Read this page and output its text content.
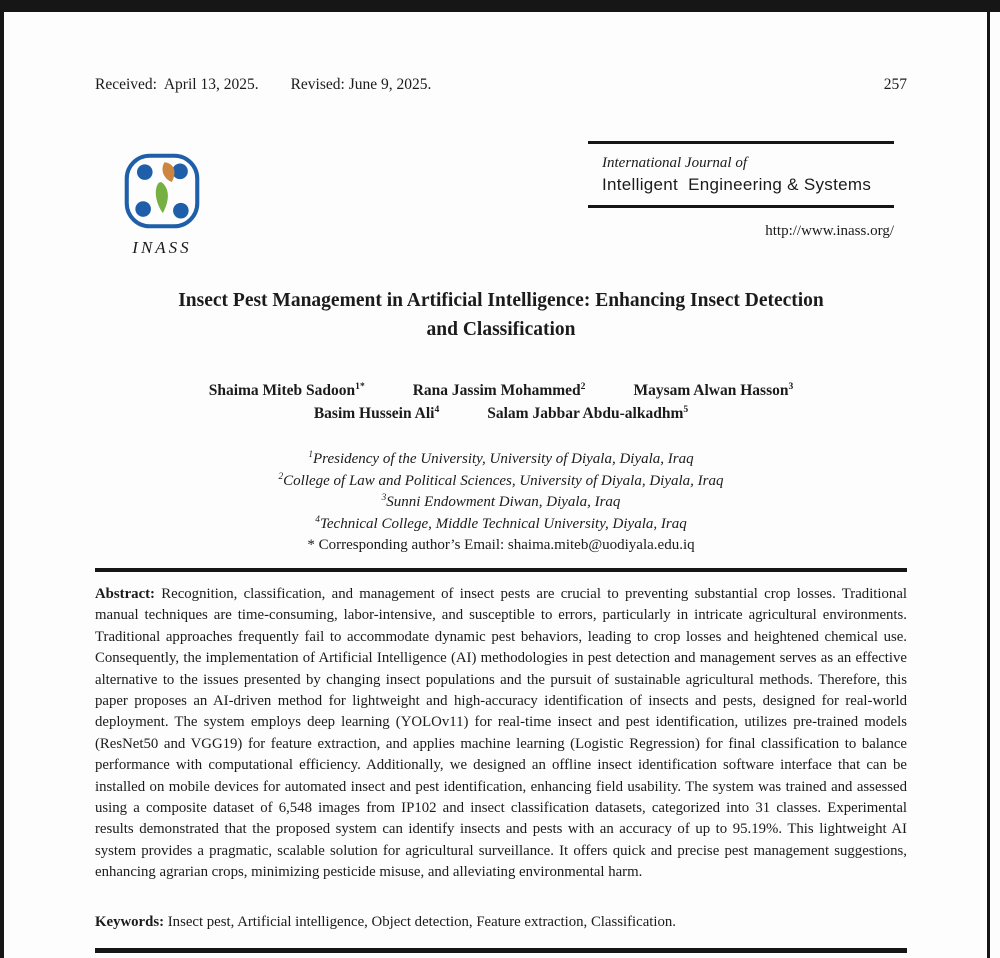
Received:  April 13, 2025. Revised: June 9, 2025.	257
INASS
International Journal of
Intelligent  Engineering & Systems
http://www.inass.org/
Insect Pest Management in Artificial Intelligence: Enhancing Insect Detection
and Classification
Shaima Miteb Sadoon$^{1*}$	Rana Jassim Mohammed$^2$	Maysam Alwan Hasson$^3$
Basim Hussein Ali$^4$	Salam Jabbar Abdu-alkadhm$^5$
$^1$Presidency of the University, University of Diyala, Diyala, Iraq
$^2$College of Law and Political Sciences, University of Diyala, Diyala, Iraq
$^3$Sunni Endowment Diwan, Diyala, Iraq
$^4$Technical College, Middle Technical University, Diyala, Iraq
* Corresponding author’s Email: shaima.miteb@uodiyala.edu.iq

Abstract: Recognition, classification, and management of insect pests are crucial to preventing substantial crop losses. Traditional manual techniques are time-consuming, labor-intensive, and susceptible to errors, particularly in intricate agricultural environments. Traditional approaches frequently fail to accommodate dynamic pest behaviors, leading to crop losses and heightened chemical use. Consequently, the implementation of Artificial Intelligence (AI) methodologies in pest detection and management serves as an effective alternative to the issues presented by changing insect populations and the pursuit of sustainable agricultural methods. Therefore, this paper proposes an AI-driven method for lightweight and high-accuracy identification of insects and pests, designed for real-world deployment. The system employs deep learning (YOLOv11) for real-time insect and pest identification, utilizes pre-trained models (ResNet50 and VGG19) for feature extraction, and applies machine learning (Logistic Regression) for final classification to balance performance with computational efficiency. Additionally, we designed an offline insect identification software interface that can be installed on mobile devices for automated insect and pest identification, enhancing field usability. The system was trained and assessed using a composite dataset of 6,548 images from IP102 and insect classification datasets, categorized into 31 classes. Experimental results demonstrated that the proposed system can identify insects and pests with an accuracy of up to 95.19%. This lightweight AI system provides a pragmatic, scalable solution for agricultural surveillance. It offers quick and precise pest management suggestions, enhancing agrarian crops, minimizing pesticide misuse, and alleviating environmental harm.

Keywords: Insect pest, Artificial intelligence, Object detection, Feature extraction, Classification.
